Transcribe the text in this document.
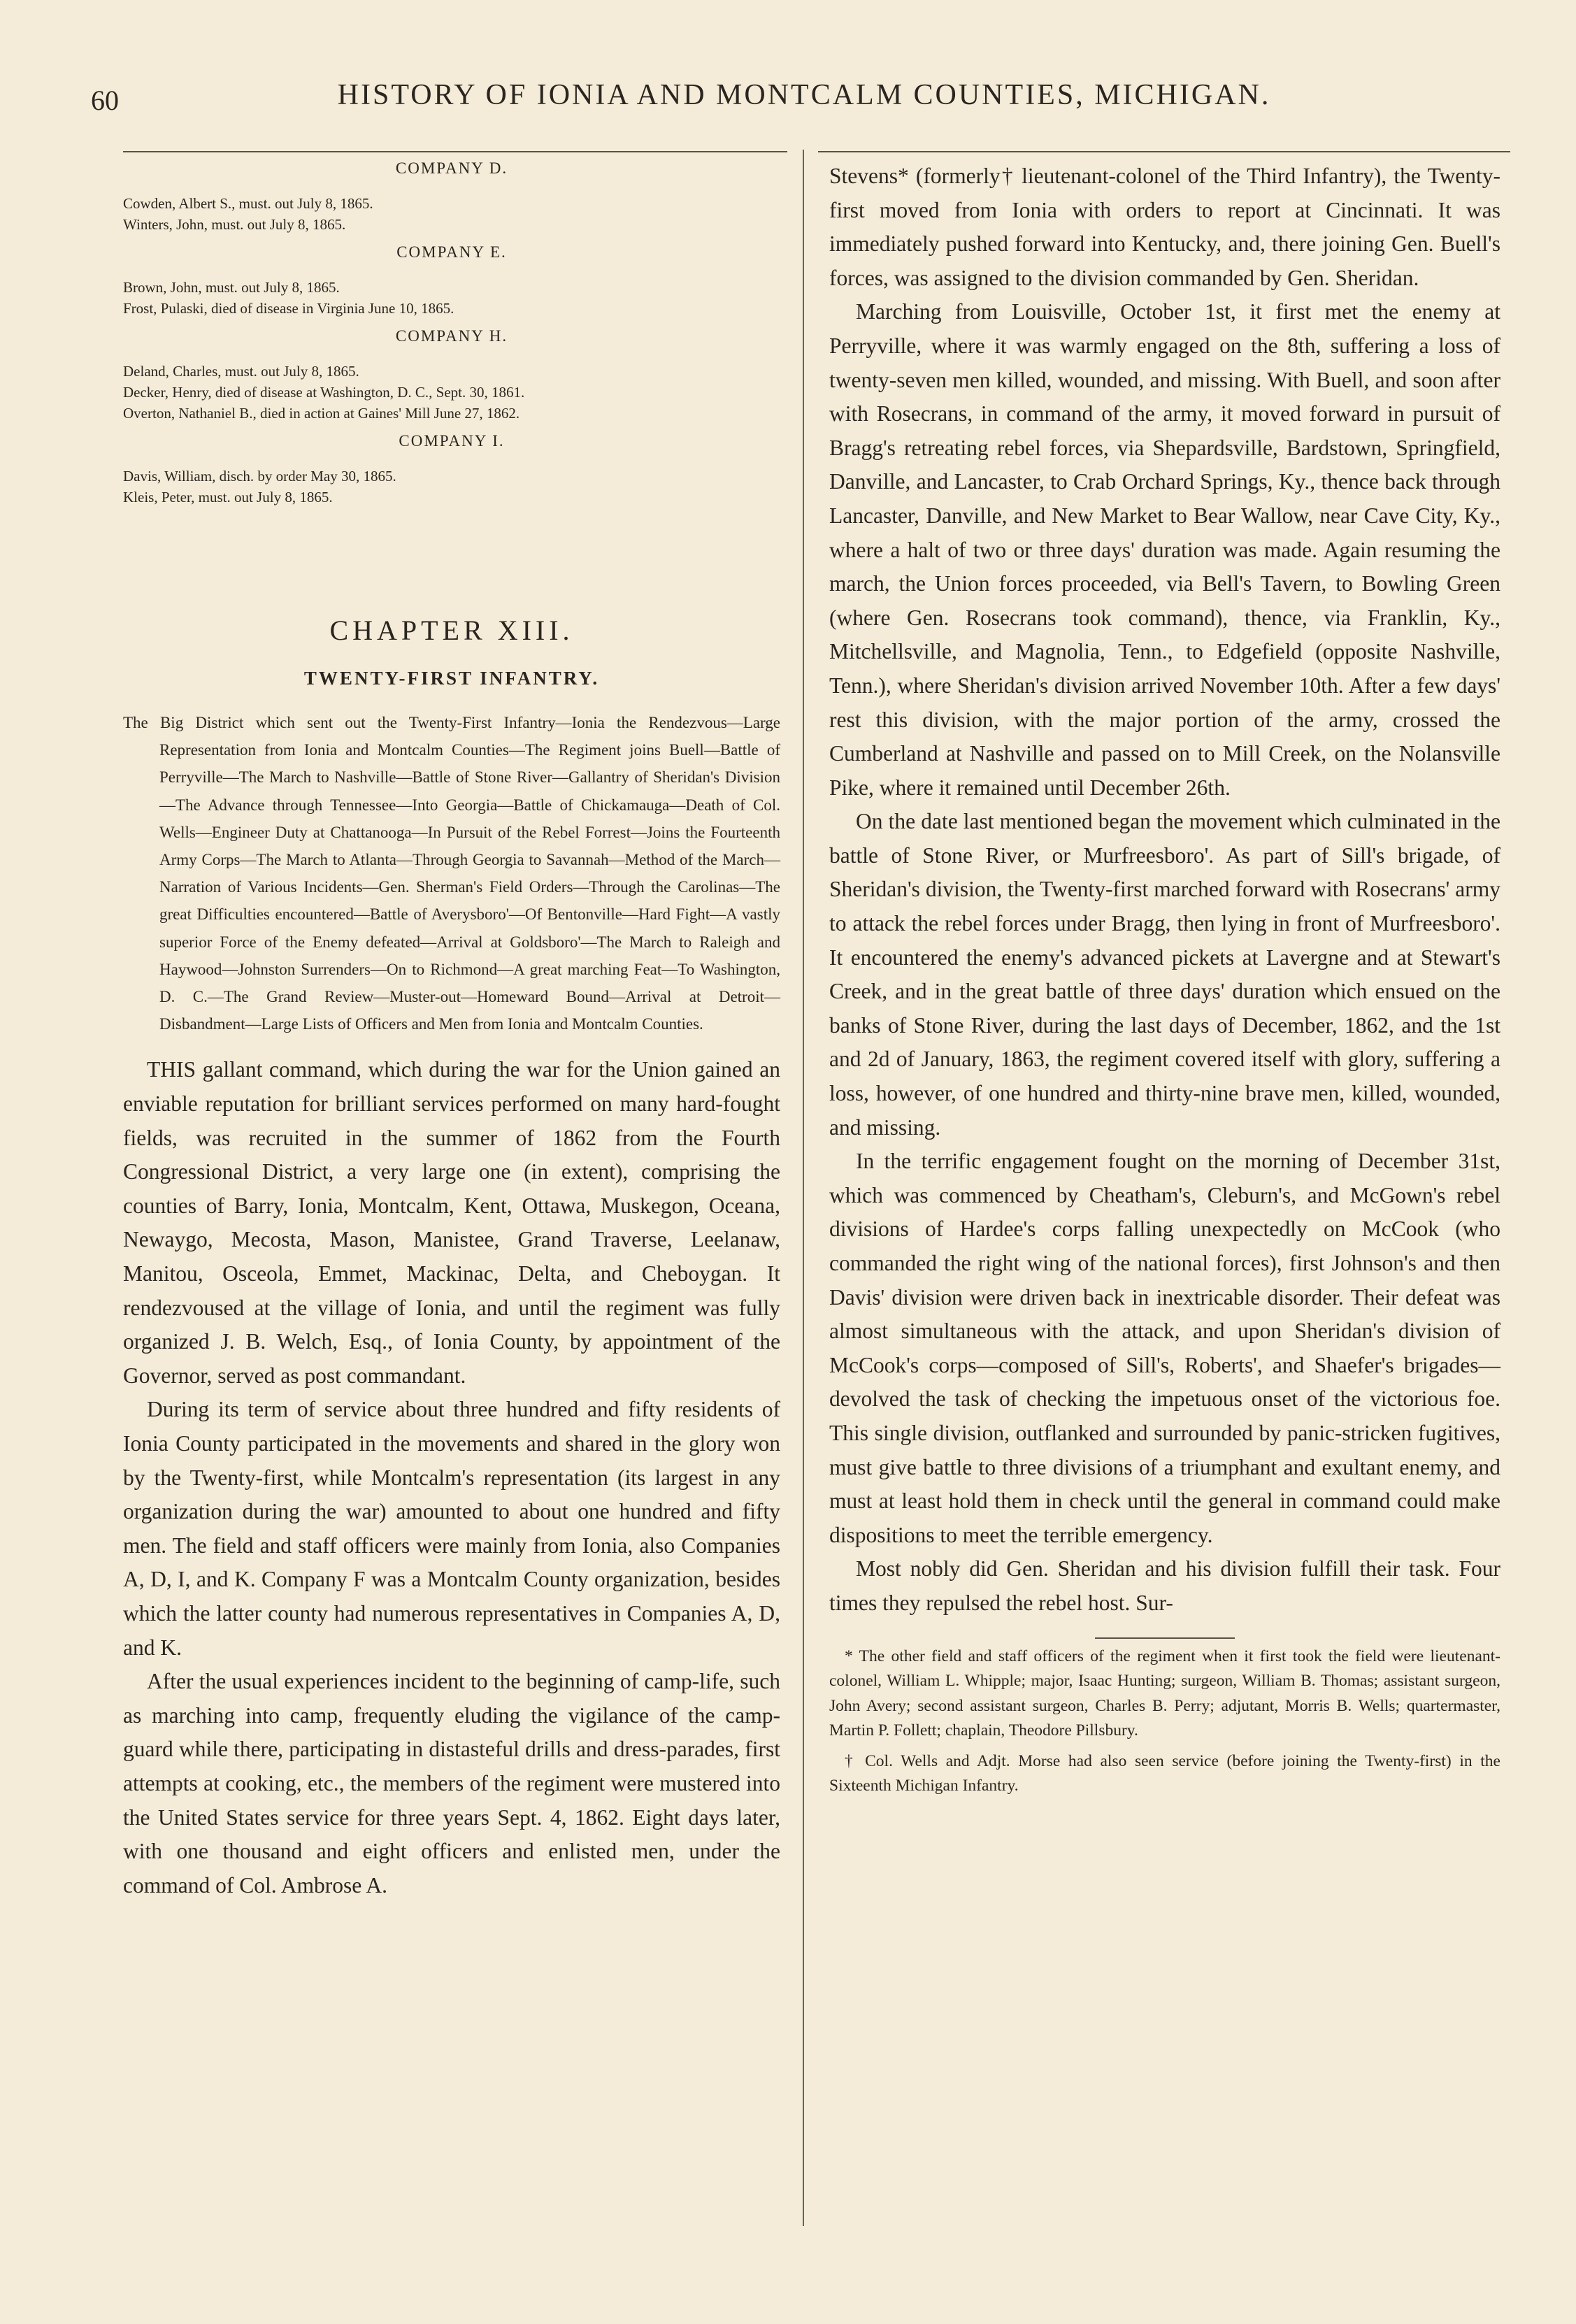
60	HISTORY OF IONIA AND MONTCALM COUNTIES, MICHIGAN.
COMPANY D.
Cowden, Albert S., must. out July 8, 1865.
Winters, John, must. out July 8, 1865.
COMPANY E.
Brown, John, must. out July 8, 1865.
Frost, Pulaski, died of disease in Virginia June 10, 1865.
COMPANY H.
Deland, Charles, must. out July 8, 1865.
Decker, Henry, died of disease at Washington, D. C., Sept. 30, 1861.
Overton, Nathaniel B., died in action at Gaines' Mill June 27, 1862.
COMPANY I.
Davis, William, disch. by order May 30, 1865.
Kleis, Peter, must. out July 8, 1865.
CHAPTER XIII.
TWENTY-FIRST INFANTRY.
The Big District which sent out the Twenty-First Infantry—Ionia the Rendezvous—Large Representation from Ionia and Montcalm Counties—The Regiment joins Buell—Battle of Perryville—The March to Nashville—Battle of Stone River—Gallantry of Sheridan's Division—The Advance through Tennessee—Into Georgia—Battle of Chickamauga—Death of Col. Wells—Engineer Duty at Chattanooga—In Pursuit of the Rebel Forrest—Joins the Fourteenth Army Corps—The March to Atlanta—Through Georgia to Savannah—Method of the March—Narration of Various Incidents—Gen. Sherman's Field Orders—Through the Carolinas—The great Difficulties encountered—Battle of Averysboro'—Of Bentonville—Hard Fight—A vastly superior Force of the Enemy defeated—Arrival at Goldsboro'—The March to Raleigh and Haywood—Johnston Surrenders—On to Richmond—A great marching Feat—To Washington, D. C.—The Grand Review—Muster-out—Homeward Bound—Arrival at Detroit—Disbandment—Large Lists of Officers and Men from Ionia and Montcalm Counties.

THIS gallant command, which during the war for the Union gained an enviable reputation for brilliant services performed on many hard-fought fields, was recruited in the summer of 1862 from the Fourth Congressional District, a very large one (in extent), comprising the counties of Barry, Ionia, Montcalm, Kent, Ottawa, Muskegon, Oceana, Newaygo, Mecosta, Mason, Manistee, Grand Traverse, Leelanaw, Manitou, Osceola, Emmet, Mackinac, Delta, and Cheboygan. It rendezvoused at the village of Ionia, and until the regiment was fully organized J. B. Welch, Esq., of Ionia County, by appointment of the Governor, served as post commandant.

During its term of service about three hundred and fifty residents of Ionia County participated in the movements and shared in the glory won by the Twenty-first, while Montcalm's representation (its largest in any organization during the war) amounted to about one hundred and fifty men. The field and staff officers were mainly from Ionia, also Companies A, D, I, and K. Company F was a Montcalm County organization, besides which the latter county had numerous representatives in Companies A, D, and K.

After the usual experiences incident to the beginning of camp-life, such as marching into camp, frequently eluding the vigilance of the camp-guard while there, participating in distasteful drills and dress-parades, first attempts at cooking, etc., the members of the regiment were mustered into the United States service for three years Sept. 4, 1862. Eight days later, with one thousand and eight officers and enlisted men, under the command of Col. Ambrose A.

Stevens* (formerly† lieutenant-colonel of the Third Infantry), the Twenty-first moved from Ionia with orders to report at Cincinnati. It was immediately pushed forward into Kentucky, and, there joining Gen. Buell's forces, was assigned to the division commanded by Gen. Sheridan.

Marching from Louisville, October 1st, it first met the enemy at Perryville, where it was warmly engaged on the 8th, suffering a loss of twenty-seven men killed, wounded, and missing. With Buell, and soon after with Rosecrans, in command of the army, it moved forward in pursuit of Bragg's retreating rebel forces, via Shepardsville, Bardstown, Springfield, Danville, and Lancaster, to Crab Orchard Springs, Ky., thence back through Lancaster, Danville, and New Market to Bear Wallow, near Cave City, Ky., where a halt of two or three days' duration was made. Again resuming the march, the Union forces proceeded, via Bell's Tavern, to Bowling Green (where Gen. Rosecrans took command), thence, via Franklin, Ky., Mitchellsville, and Magnolia, Tenn., to Edgefield (opposite Nashville, Tenn.), where Sheridan's division arrived November 10th. After a few days' rest this division, with the major portion of the army, crossed the Cumberland at Nashville and passed on to Mill Creek, on the Nolansville Pike, where it remained until December 26th.

On the date last mentioned began the movement which culminated in the battle of Stone River, or Murfreesboro'. As part of Sill's brigade, of Sheridan's division, the Twenty-first marched forward with Rosecrans' army to attack the rebel forces under Bragg, then lying in front of Murfreesboro'. It encountered the enemy's advanced pickets at Lavergne and at Stewart's Creek, and in the great battle of three days' duration which ensued on the banks of Stone River, during the last days of December, 1862, and the 1st and 2d of January, 1863, the regiment covered itself with glory, suffering a loss, however, of one hundred and thirty-nine brave men, killed, wounded, and missing.

In the terrific engagement fought on the morning of December 31st, which was commenced by Cheatham's, Cleburn's, and McGown's rebel divisions of Hardee's corps falling unexpectedly on McCook (who commanded the right wing of the national forces), first Johnson's and then Davis' division were driven back in inextricable disorder. Their defeat was almost simultaneous with the attack, and upon Sheridan's division of McCook's corps—composed of Sill's, Roberts', and Shaefer's brigades—devolved the task of checking the impetuous onset of the victorious foe. This single division, outflanked and surrounded by panic-stricken fugitives, must give battle to three divisions of a triumphant and exultant enemy, and must at least hold them in check until the general in command could make dispositions to meet the terrible emergency.

Most nobly did Gen. Sheridan and his division fulfill their task. Four times they repulsed the rebel host. Sur-

* The other field and staff officers of the regiment when it first took the field were lieutenant-colonel, William L. Whipple; major, Isaac Hunting; surgeon, William B. Thomas; assistant surgeon, John Avery; second assistant surgeon, Charles B. Perry; adjutant, Morris B. Wells; quartermaster, Martin P. Follett; chaplain, Theodore Pillsbury.
† Col. Wells and Adjt. Morse had also seen service (before joining the Twenty-first) in the Sixteenth Michigan Infantry.
